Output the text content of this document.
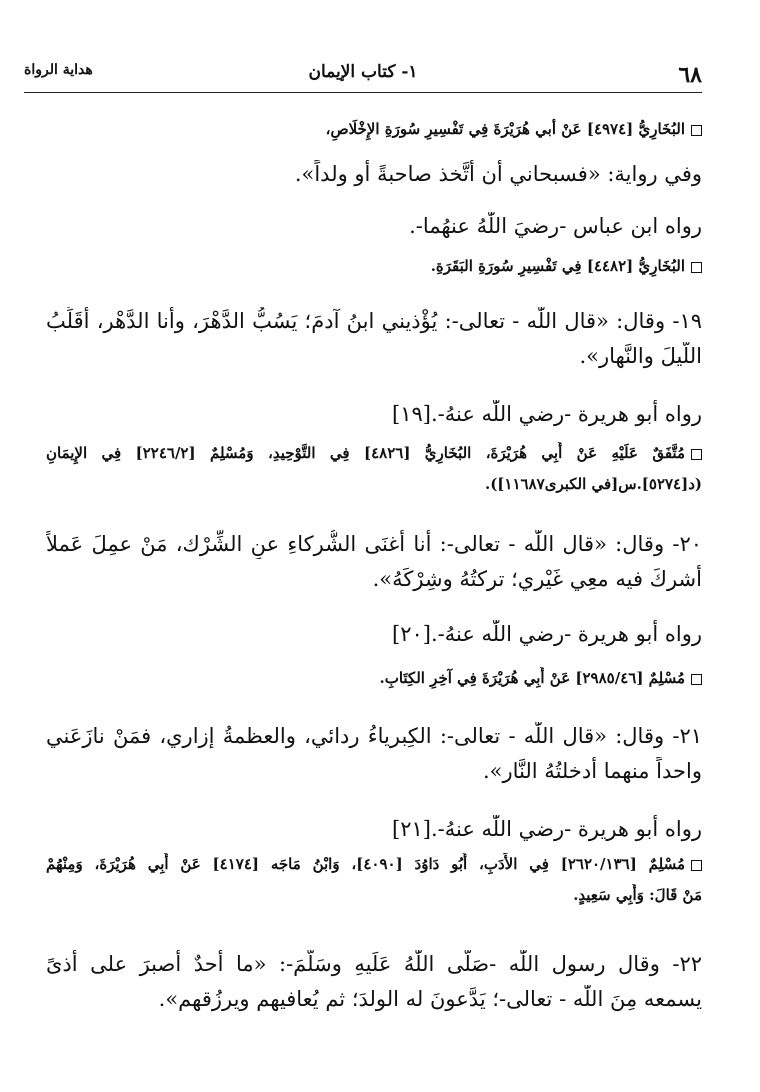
٦٨
١- كتاب الإيمان
هداية الرواة
البُخَارِيُّ [٤٩٧٤] عَنْ أبي هُرَيْرَةَ فِي تَفْسِيرِ سُورَةِ الإِخْلَاصِ،
وفي رواية: «فسبحاني أن أتَّخذ صاحبةً أو ولداً».
رواه ابن عباس -رضيَ اللّٰهُ عنهُما-.
البُخَارِيُّ [٤٤٨٢] فِي تَفْسِيرِ سُورَةِ البَقَرَةِ.
١٩- وقال: «قال اللّٰه - تعالى-: يُؤْذيني ابنُ آدمَ؛ يَسُبُّ الدَّهْرَ، وأنا الدَّهْر، أُقَلِّبُ
اللَّيلَ والنَّهار».
رواه أبو هريرة -رضي اللّٰه عنهُ-.[١٩]
مُتَّفَقٌ عَلَيْهِ عَنْ أَبِي هُرَيْرَةَ، البُخَارِيُّ [٤٨٢٦] فِي التَّوْحِيدِ، وَمُسْلِمٌ [٢٢٤٦/٢] فِي الإِيمَانِ
(د[٥٢٧٤].س[في الكبرى١١٦٨٧]).
٢٠- وقال: «قال اللّٰه - تعالى-: أنا أغنَى الشُّركاءِ عنِ الشِّرْك، مَنْ عمِلَ عَملاً
أشركَ فيه معِي غَيْري؛ تركتُهُ وشِرْكَهُ».
رواه أبو هريرة -رضي اللّٰه عنهُ-.[٢٠]
مُسْلِمٌ [٢٩٨٥/٤٦] عَنْ أَبِي هُرَيْرَةَ فِي آخِرِ الكِتَابِ.
٢١- وقال: «قال اللّٰه - تعالى-: الكِبرياءُ ردائي، والعظمةُ إزاري، فمَنْ نازَعَني
واحداً منهما أدخلتُهُ النَّار».
رواه أبو هريرة -رضي اللّٰه عنهُ-.[٢١]
مُسْلِمٌ [٢٦٢٠/١٣٦] فِي الأَدَبِ، أَبُو دَاوُدَ [٤٠٩٠]، وَابْنُ مَاجَه [٤١٧٤] عَنْ أَبِي هُرَيْرَةَ، وَمِنْهُمْ
مَنْ قَالَ: وَأَبِي سَعِيدٍ.
٢٢- وقال رسول اللّٰه -صَلَّى اللّٰهُ عَلَيهِ وسَلَّمَ-: «ما أحدٌ أصبرَ على أذىً
يسمعه مِنَ اللّٰه - تعالى-؛ يَدَّعونَ له الولدَ؛ ثم يُعافيهم ويرزُقهم».
